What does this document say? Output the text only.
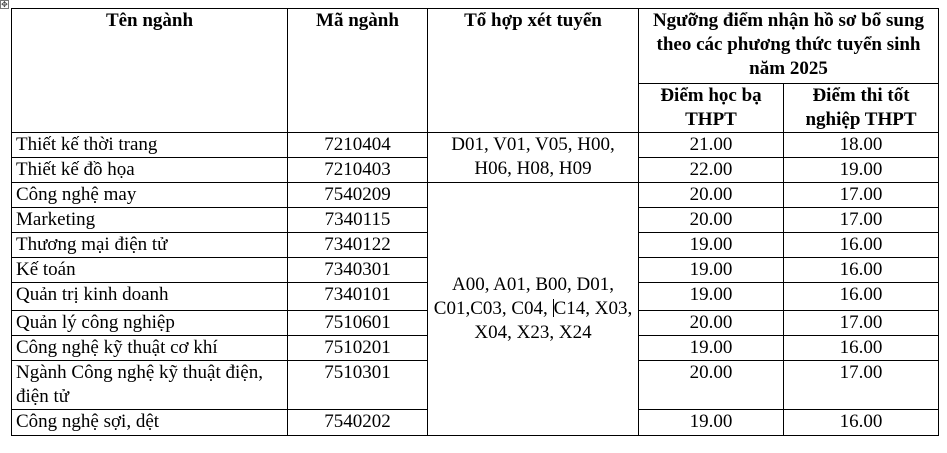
✥
Tên ngành	Mã ngành	Tổ hợp xét tuyển	Ngưỡng điểm nhận hồ sơ bổ sung theo các phương thức tuyển sinh năm 2025	
			Điểm học bạ THPT	Điểm thi tốt nghiệp THPT
Thiết kế thời trang	7210404	D01, V01, V05, H00, H06, H08, H09	21.00	18.00
Thiết kế đồ họa	7210403		22.00	19.00
Công nghệ may	7540209	A00, A01, B00, D01, C01,C03, C04, C14, X03, X04, X23, X24	20.00	17.00
Marketing	7340115		20.00	17.00
Thương mại điện tử	7340122		19.00	16.00
Kế toán	7340301		19.00	16.00
Quản trị kinh doanh	7340101		19.00	16.00
Quản lý công nghiệp	7510601		20.00	17.00
Công nghệ kỹ thuật cơ khí	7510201		19.00	16.00
Ngành Công nghệ kỹ thuật điện, điện tử	7510301		20.00	17.00
Công nghệ sợi, dệt	7540202		19.00	16.00
